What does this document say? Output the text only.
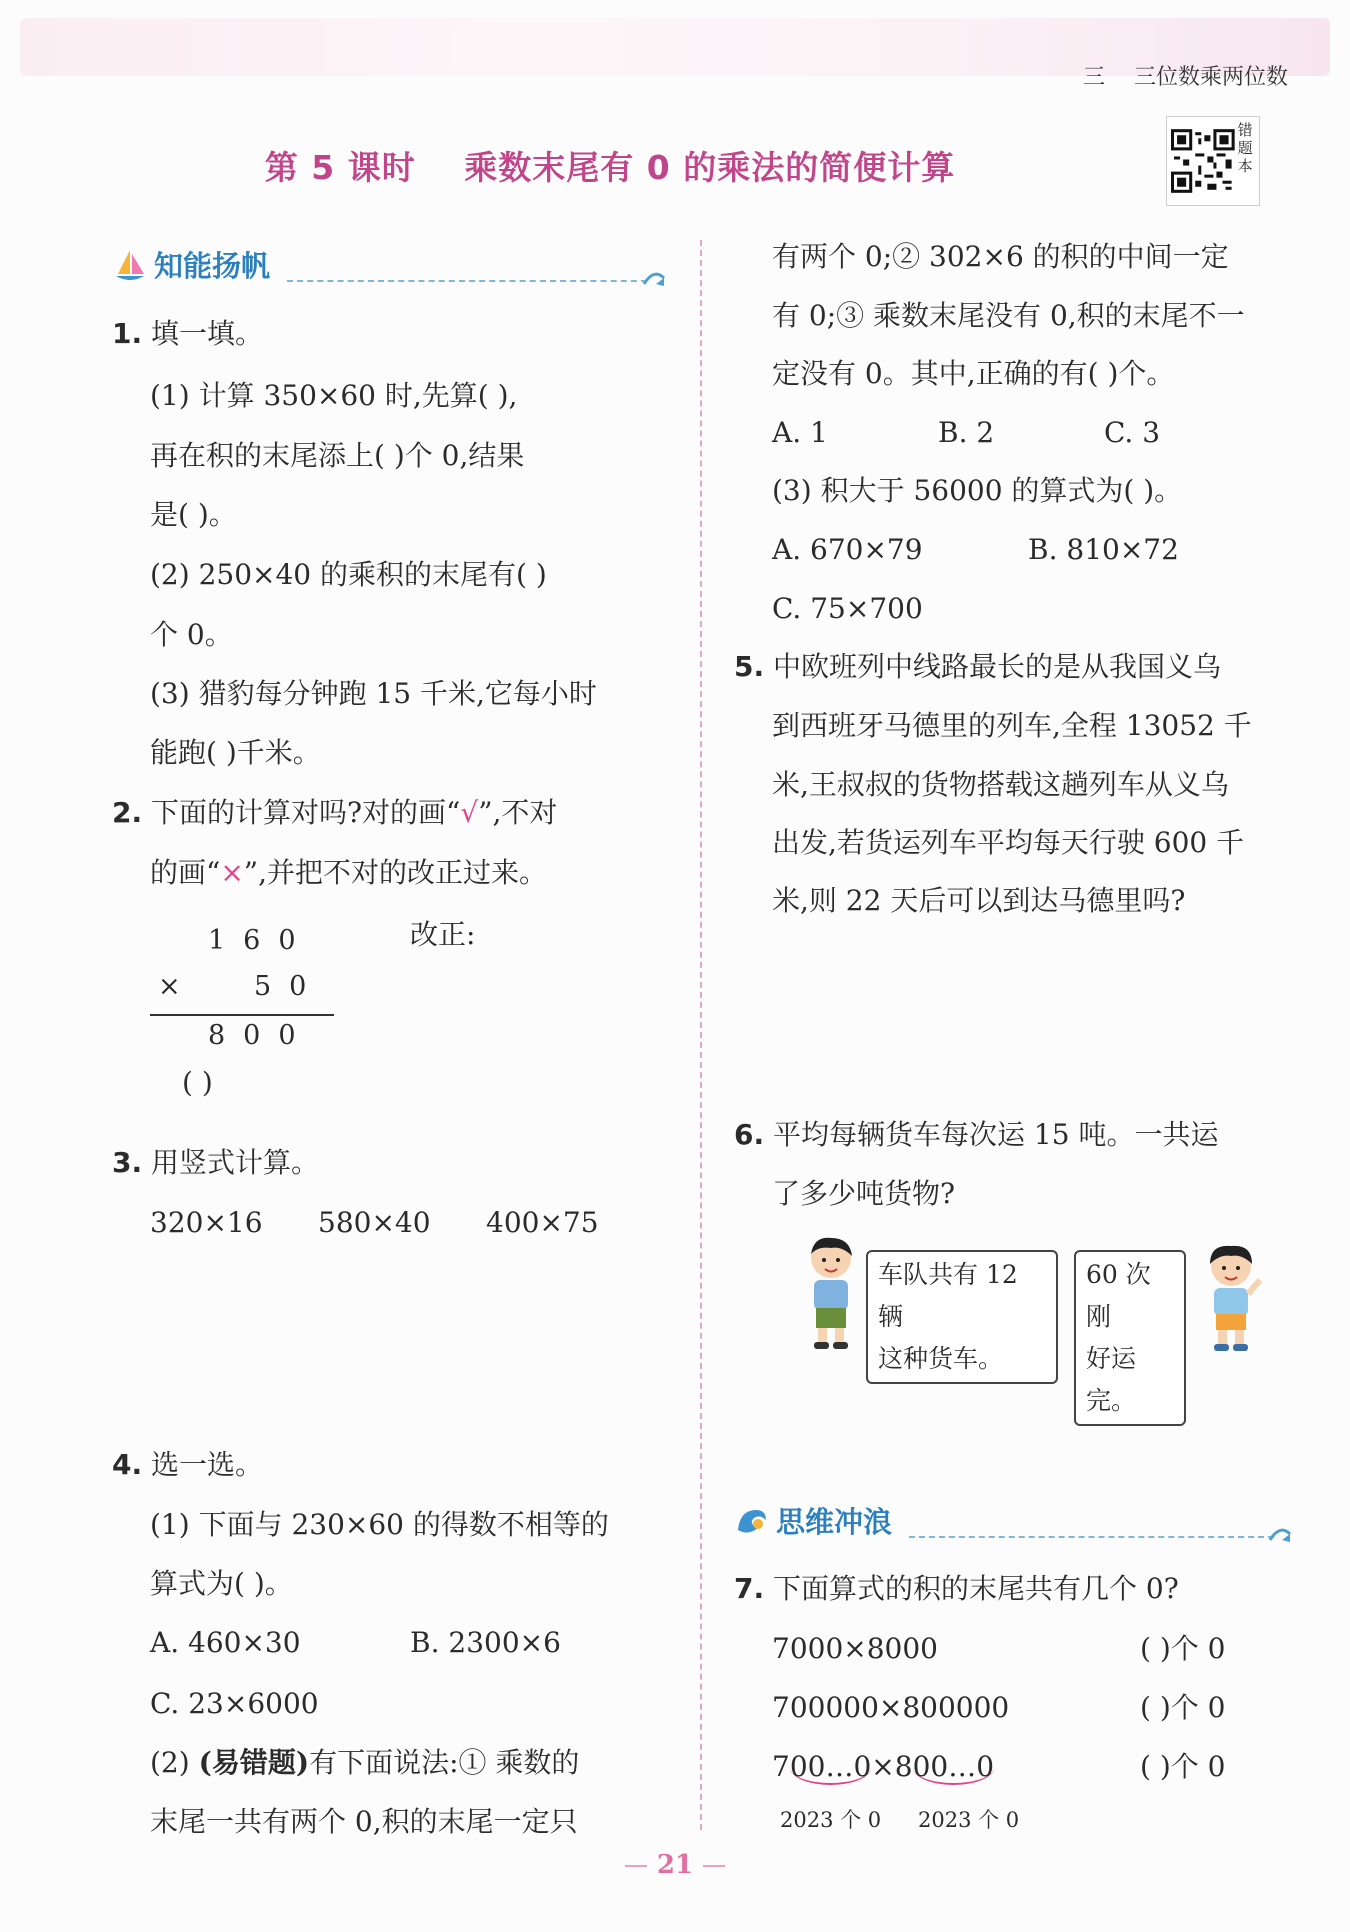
三 三位数乘两位数
第 5 课时 乘数末尾有 0 的乘法的简便计算
错题本
知能扬帆
1. 填一填。
(1) 计算 350×60 时,先算( ),
再在积的末尾添上( )个 0,结果
是( )。
(2) 250×40 的乘积的末尾有( )
个 0。
(3) 猎豹每分钟跑 15 千米,它每小时
能跑( )千米。
2. 下面的计算对吗?对的画“√”,不对
的画“×”,并把不对的改正过来。
160
× 50
800
( )
改正:
3. 用竖式计算。
320×16 580×40 400×75
4. 选一选。
(1) 下面与 230×60 的得数不相等的
算式为( )。
A. 460×30	B. 2300×6
C. 23×6000
(2) (易错题)有下面说法:① 乘数的
末尾一共有两个 0,积的末尾一定只
有两个 0;② 302×6 的积的中间一定
有 0;③ 乘数末尾没有 0,积的末尾不一
定没有 0。其中,正确的有( )个。
A. 1	B. 2	C. 3
(3) 积大于 56000 的算式为( )。
A. 670×79	B. 810×72
C. 75×700
5. 中欧班列中线路最长的是从我国义乌
到西班牙马德里的列车,全程 13052 千
米,王叔叔的货物搭载这趟列车从义乌
出发,若货运列车平均每天行驶 600 千
米,则 22 天后可以到达马德里吗?
6. 平均每辆货车每次运 15 吨。一共运
了多少吨货物?
车队共有 12 辆
这种货车。
60 次刚
好运完。
思维冲浪
7. 下面算式的积的末尾共有几个 0?
7000×8000	( )个 0
700000×800000	( )个 0
700…0×800…0	( )个 0
2023 个 0 2023 个 0
21
